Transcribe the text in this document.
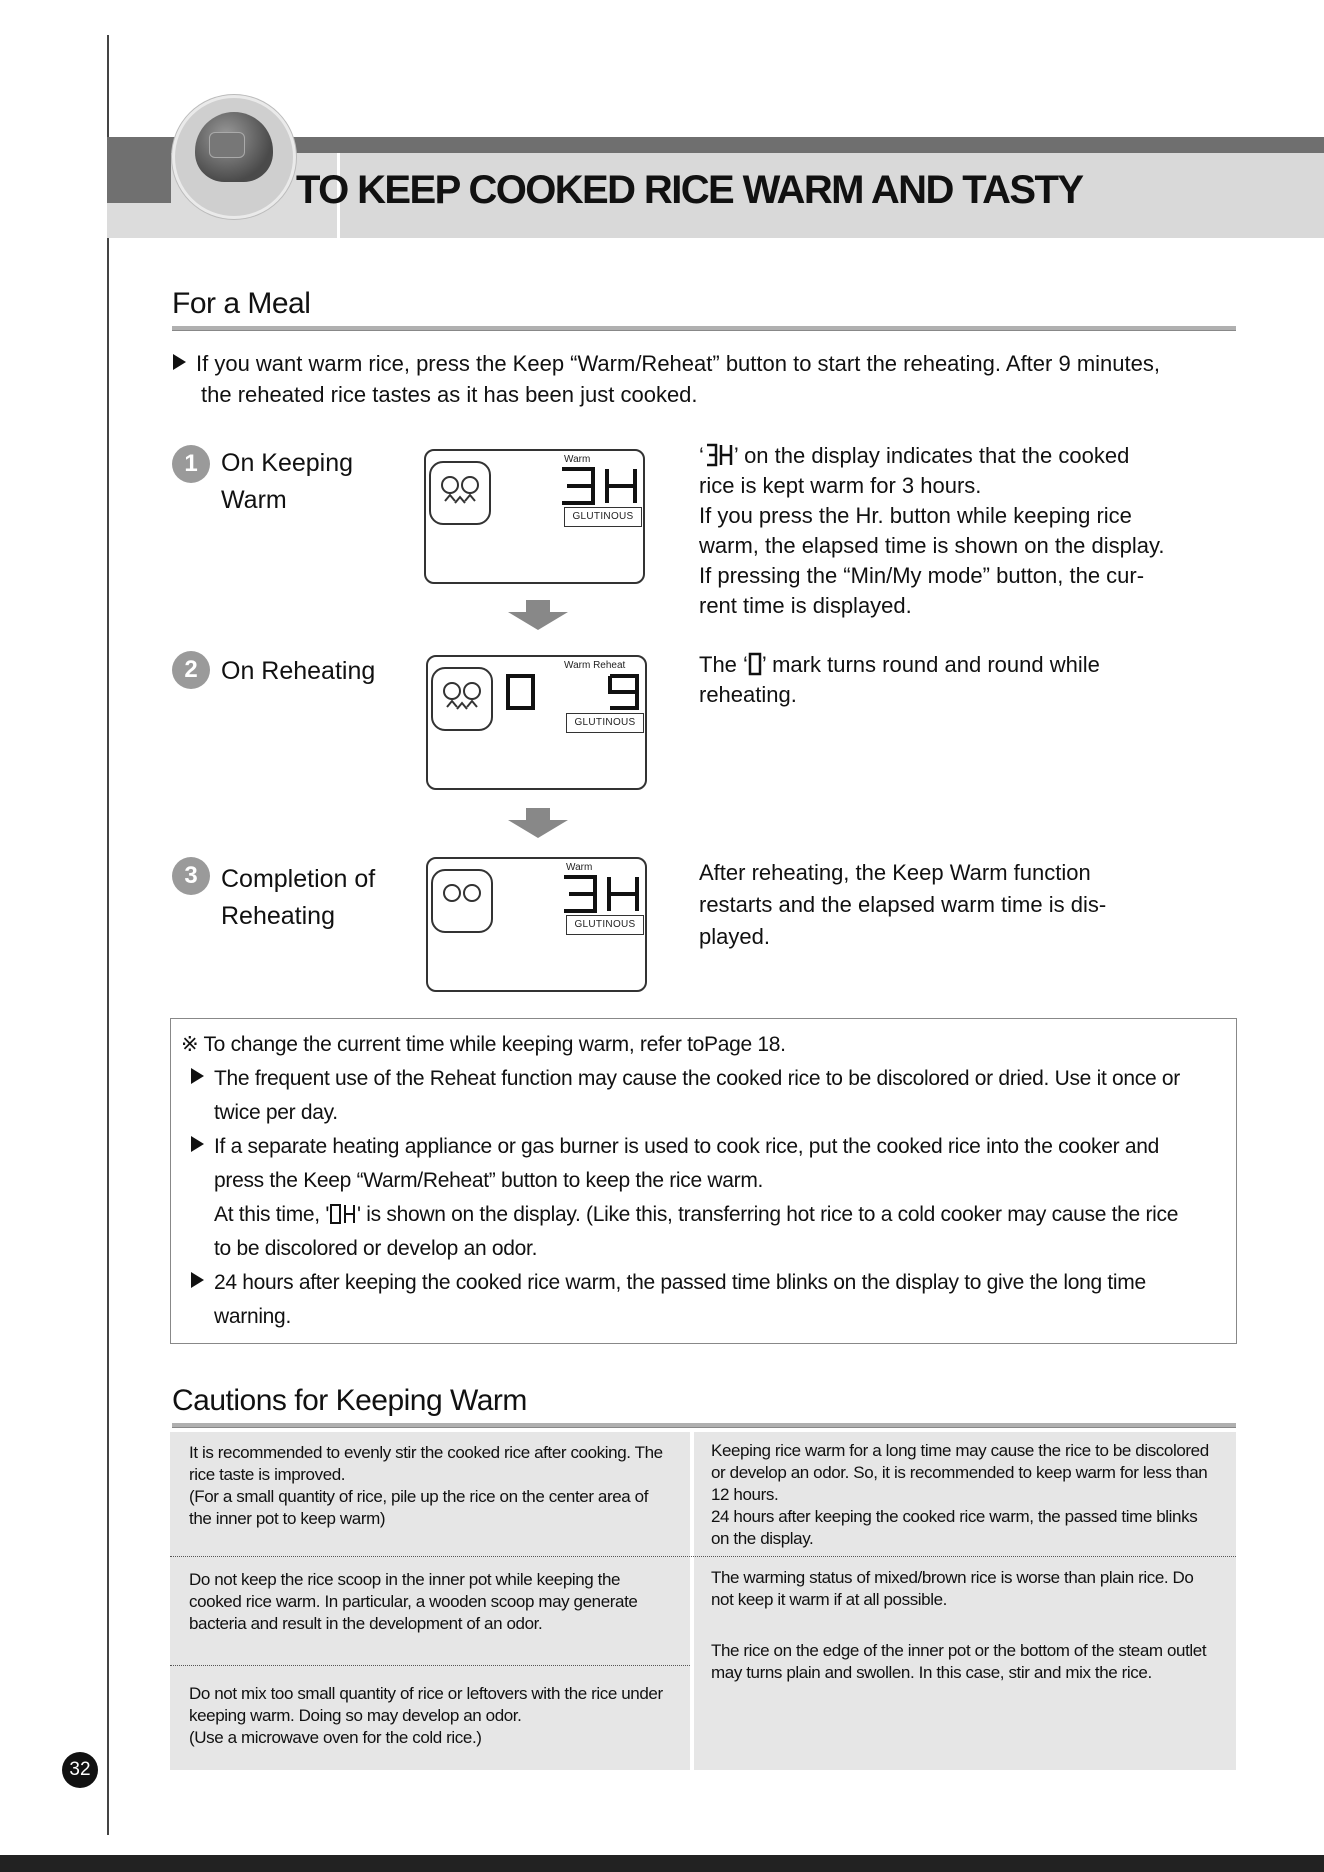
TO KEEP COOKED RICE WARM AND TASTY
For a Meal
If you want warm rice, press the Keep “Warm/Reheat” button to start the reheating. After 9 minutes,
the reheated rice tastes as it has been just cooked.
1 On Keeping
Warm
Warm
GLUTINOUS
‘ ’ on the display indicates that the cooked
rice is kept warm for 3 hours.
If you press the Hr. button while keeping rice
warm, the elapsed time is shown on the display.
If pressing the “Min/My mode” button, the cur-
rent time is displayed.
2 On Reheating	Warm Reheat
GLUTINOUS
The ‘ ’ mark turns round and round while
reheating.
3 Completion of
Reheating
Warm
GLUTINOUS
After reheating, the Keep Warm function
restarts and the elapsed warm time is dis-
played.
※ To change the current time while keeping warm, refer toPage 18.
The frequent use of the Reheat function may cause the cooked rice to be discolored or dried. Use it once or
twice per day.
If a separate heating appliance or gas burner is used to cook rice, put the cooked rice into the cooker and
press the Keep “Warm/Reheat” button to keep the rice warm.
At this time, ' ' is shown on the display. (Like this, transferring hot rice to a cold cooker may cause the rice
to be discolored or develop an odor.
24 hours after keeping the cooked rice warm, the passed time blinks on the display to give the long time
warning.
Cautions for Keeping Warm

It is recommended to evenly stir the cooked rice after cooking. The

rice taste is improved.

(For a small quantity of rice, pile up the rice on the center area of

the inner pot to keep warm)

Do not keep the rice scoop in the inner pot while keeping the

cooked rice warm. In particular, a wooden scoop may generate

bacteria and result in the development of an odor.

Do not mix too small quantity of rice or leftovers with the rice under

keeping warm. Doing so may develop an odor.

(Use a microwave oven for the cold rice.)

Keeping rice warm for a long time may cause the rice to be discolored

or develop an odor. So, it is recommended to keep warm for less than

12 hours.

24 hours after keeping the cooked rice warm, the passed time blinks

on the display.

The warming status of mixed/brown rice is worse than plain rice. Do

not keep it warm if at all possible.

The rice on the edge of the inner pot or the bottom of the steam outlet

may turns plain and swollen. In this case, stir and mix the rice.

32
